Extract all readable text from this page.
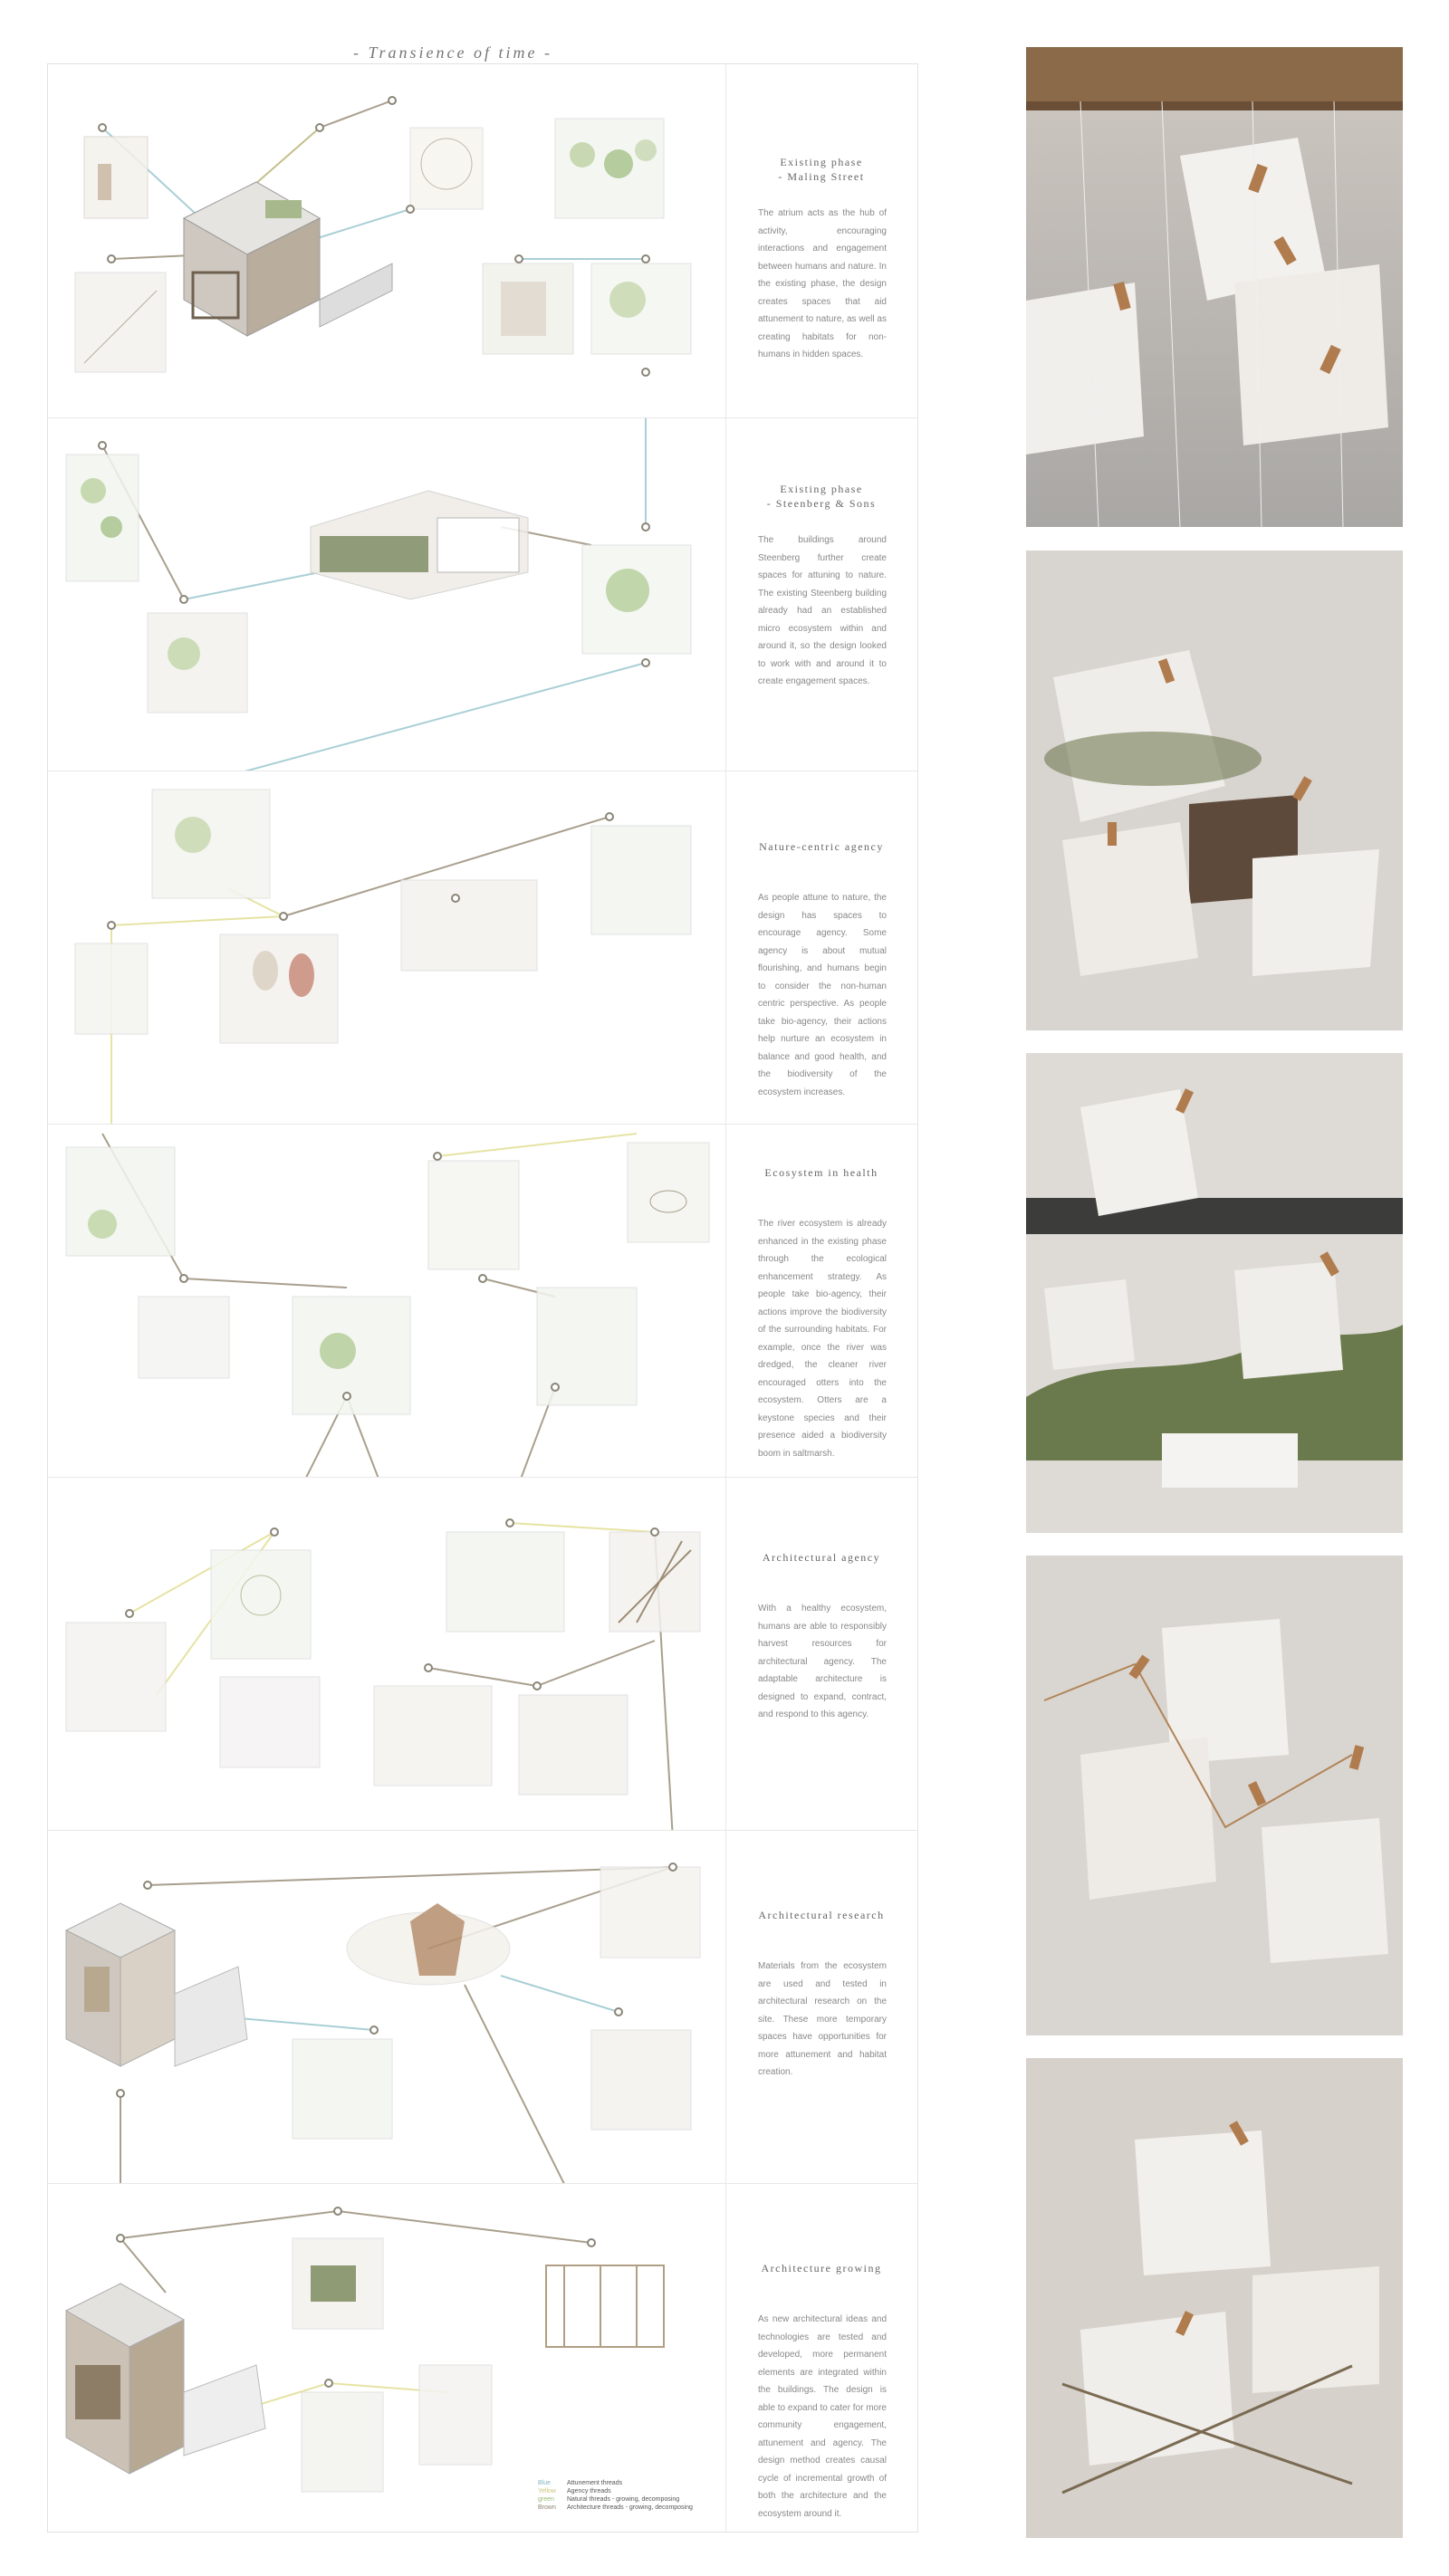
- Transience of time -
Existing phase
- Maling Street
The atrium acts as the hub of activity, encouraging interactions and engagement between humans and nature. In the existing phase, the design creates spaces that aid attunement to nature, as well as creating habitats for non-humans in hidden spaces.
Existing phase
- Steenberg & Sons
The buildings around Steenberg further create spaces for attuning to nature. The existing Steenberg building already had an established micro ecosystem within and around it, so the design looked to work with and around it to create engagement spaces.
Nature-centric agency
As people attune to nature, the design has spaces to encourage agency. Some agency is about mutual flourishing, and humans begin to consider the non-human centric perspective. As people take bio-agency, their actions help nurture an ecosystem in balance and good health, and the biodiversity of the ecosystem increases.
Ecosystem in health
The river ecosystem is already enhanced in the existing phase through the ecological enhancement strategy. As people take bio-agency, their actions improve the biodiversity of the surrounding habitats. For example, once the river was dredged, the cleaner river encouraged otters into the ecosystem. Otters are a keystone species and their presence aided a biodiversity boom in saltmarsh.
Architectural agency
With a healthy ecosystem, humans are able to responsibly harvest resources for architectural agency. The adaptable architecture is designed to expand, contract, and respond to this agency.
Architectural research
Materials from the ecosystem are used and tested in architectural research on the site. These more temporary spaces have opportunities for more attunement and habitat creation.
Architecture growing
As new architectural ideas and technologies are tested and developed, more permanent elements are integrated within the buildings. The design is able to expand to cater for more community engagement, attunement and agency. The design method creates causal cycle of incremental growth of both the architecture and the ecosystem around it.
Blue	Attunement threads
Yellow	Agency threads
green	Natural threads - growing, decomposing
Brown	Architecture threads - growing, decomposing
